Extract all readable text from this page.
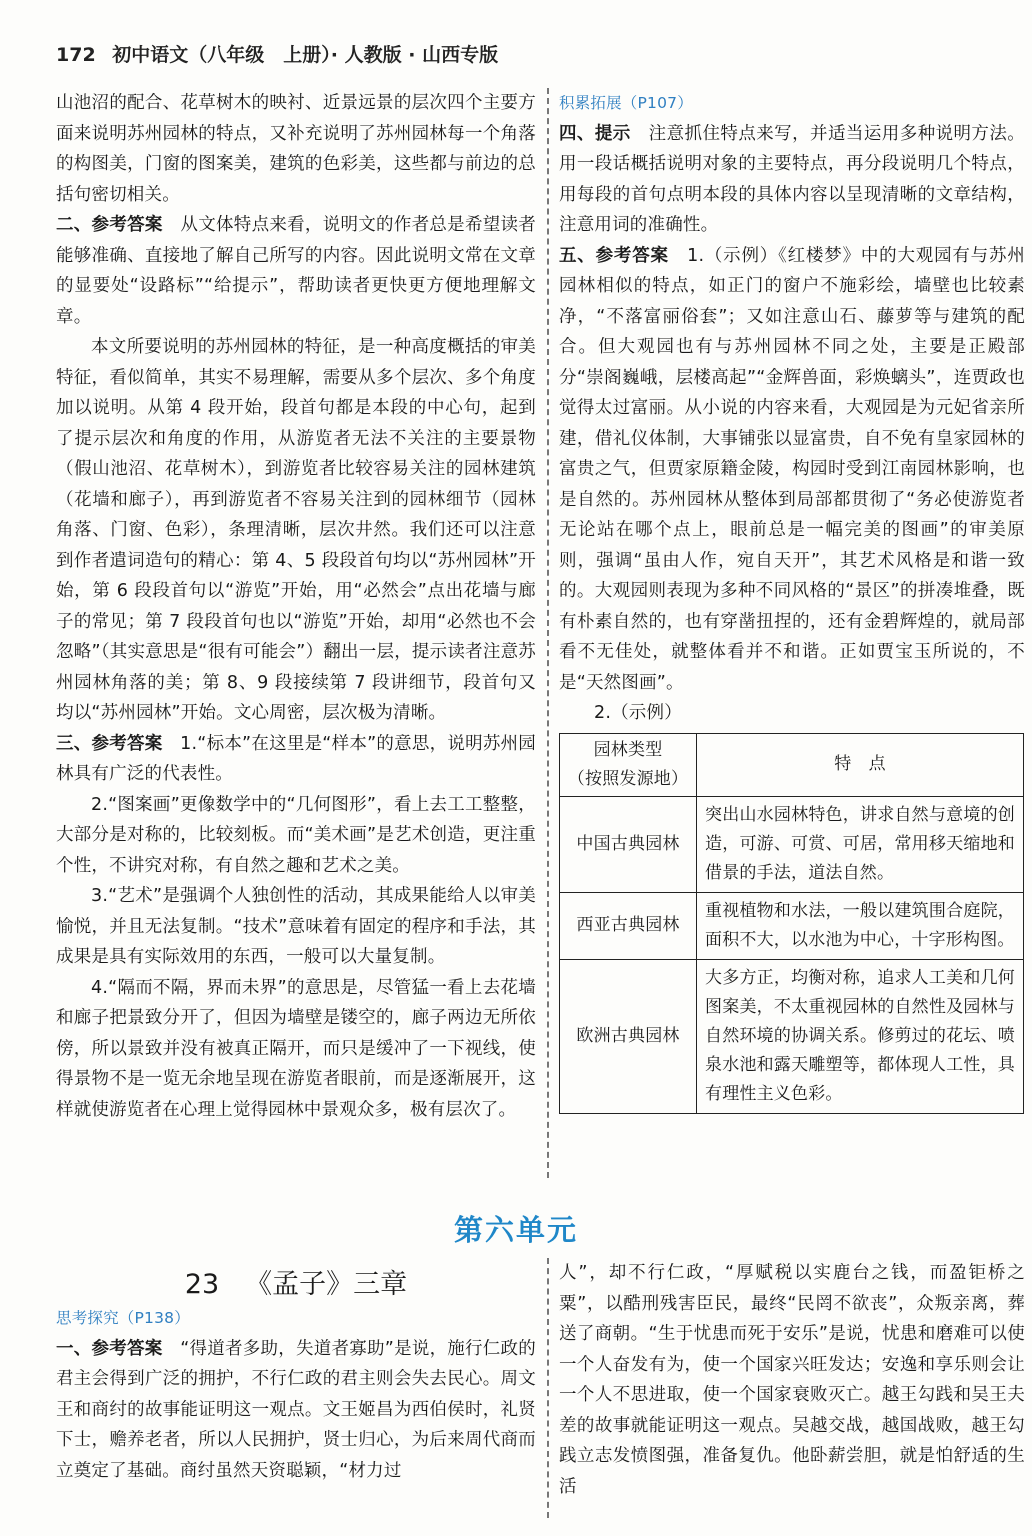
172 初中语文（八年级　上册）· 人教版 · 山西专版

山池沼的配合、花草树木的映衬、近景远景的层次四个主要方面来说明苏州园林的特点，又补充说明了苏州园林每一个角落的构图美，门窗的图案美，建筑的色彩美，这些都与前边的总括句密切相关。

二、参考答案　从文体特点来看，说明文的作者总是希望读者能够准确、直接地了解自己所写的内容。因此说明文常在文章的显要处“设路标”“给提示”，帮助读者更快更方便地理解文章。

本文所要说明的苏州园林的特征，是一种高度概括的审美特征，看似简单，其实不易理解，需要从多个层次、多个角度加以说明。从第 4 段开始，段首句都是本段的中心句，起到了提示层次和角度的作用，从游览者无法不关注的主要景物（假山池沼、花草树木），到游览者比较容易关注的园林建筑（花墙和廊子），再到游览者不容易关注到的园林细节（园林角落、门窗、色彩），条理清晰，层次井然。我们还可以注意到作者遣词造句的精心：第 4、5 段段首句均以“苏州园林”开始，第 6 段段首句以“游览”开始，用“必然会”点出花墙与廊子的常见；第 7 段段首句也以“游览”开始，却用“必然也不会忽略”（其实意思是“很有可能会”）翻出一层，提示读者注意苏州园林角落的美；第 8、9 段接续第 7 段讲细节，段首句又均以“苏州园林”开始。文心周密，层次极为清晰。

三、参考答案　1.“标本”在这里是“样本”的意思，说明苏州园林具有广泛的代表性。

2.“图案画”更像数学中的“几何图形”，看上去工工整整，大部分是对称的，比较刻板。而“美术画”是艺术创造，更注重个性，不讲究对称，有自然之趣和艺术之美。

3.“艺术”是强调个人独创性的活动，其成果能给人以审美愉悦，并且无法复制。“技术”意味着有固定的程序和手法，其成果是具有实际效用的东西，一般可以大量复制。

4.“隔而不隔，界而未界”的意思是，尽管猛一看上去花墙和廊子把景致分开了，但因为墙壁是镂空的，廊子两边无所依傍，所以景致并没有被真正隔开，而只是缓冲了一下视线，使得景物不是一览无余地呈现在游览者眼前，而是逐渐展开，这样就使游览者在心理上觉得园林中景观众多，极有层次了。

积累拓展（P107）

四、提示　注意抓住特点来写，并适当运用多种说明方法。用一段话概括说明对象的主要特点，再分段说明几个特点，用每段的首句点明本段的具体内容以呈现清晰的文章结构，注意用词的准确性。

五、参考答案　1.（示例）《红楼梦》中的大观园有与苏州园林相似的特点，如正门的窗户不施彩绘，墙壁也比较素净，“不落富丽俗套”；又如注意山石、藤萝等与建筑的配合。但大观园也有与苏州园林不同之处，主要是正殿部分“崇阁巍峨，层楼高起”“金辉兽面，彩焕螭头”，连贾政也觉得太过富丽。从小说的内容来看，大观园是为元妃省亲所建，借礼仪体制，大事铺张以显富贵，自不免有皇家园林的富贵之气，但贾家原籍金陵，构园时受到江南园林影响，也是自然的。苏州园林从整体到局部都贯彻了“务必使游览者无论站在哪个点上，眼前总是一幅完美的图画”的审美原则，强调“虽由人作，宛自天开”，其艺术风格是和谐一致的。大观园则表现为多种不同风格的“景区”的拼凑堆叠，既有朴素自然的，也有穿凿扭捏的，还有金碧辉煌的，就局部看不无佳处，就整体看并不和谐。正如贾宝玉所说的，不是“天然图画”。

2.（示例）

园林类型
（按照发源地）	特　点
中国古典园林	突出山水园林特色，讲求自然与意境的创造，可游、可赏、可居，常用移天缩地和借景的手法，道法自然。
西亚古典园林	重视植物和水法，一般以建筑围合庭院，面积不大，以水池为中心，十字形构图。
欧洲古典园林	大多方正，均衡对称，追求人工美和几何图案美，不太重视园林的自然性及园林与自然环境的协调关系。修剪过的花坛、喷泉水池和露天雕塑等，都体现人工性，具有理性主义色彩。
第六单元
23 《孟子》三章

思考探究（P138）

一、参考答案　“得道者多助，失道者寡助”是说，施行仁政的君主会得到广泛的拥护，不行仁政的君主则会失去民心。周文王和商纣的故事能证明这一观点。文王姬昌为西伯侯时，礼贤下士，赡养老者，所以人民拥护，贤士归心，为后来周代商而立奠定了基础。商纣虽然天资聪颖，“材力过

人”，却不行仁政，“厚赋税以实鹿台之钱，而盈钜桥之粟”，以酷刑残害臣民，最终“民罔不欲丧”，众叛亲离，葬送了商朝。“生于忧患而死于安乐”是说，忧患和磨难可以使一个人奋发有为，使一个国家兴旺发达；安逸和享乐则会让一个人不思进取，使一个国家衰败灭亡。越王勾践和吴王夫差的故事就能证明这一观点。吴越交战，越国战败，越王勾践立志发愤图强，准备复仇。他卧薪尝胆，就是怕舒适的生活
